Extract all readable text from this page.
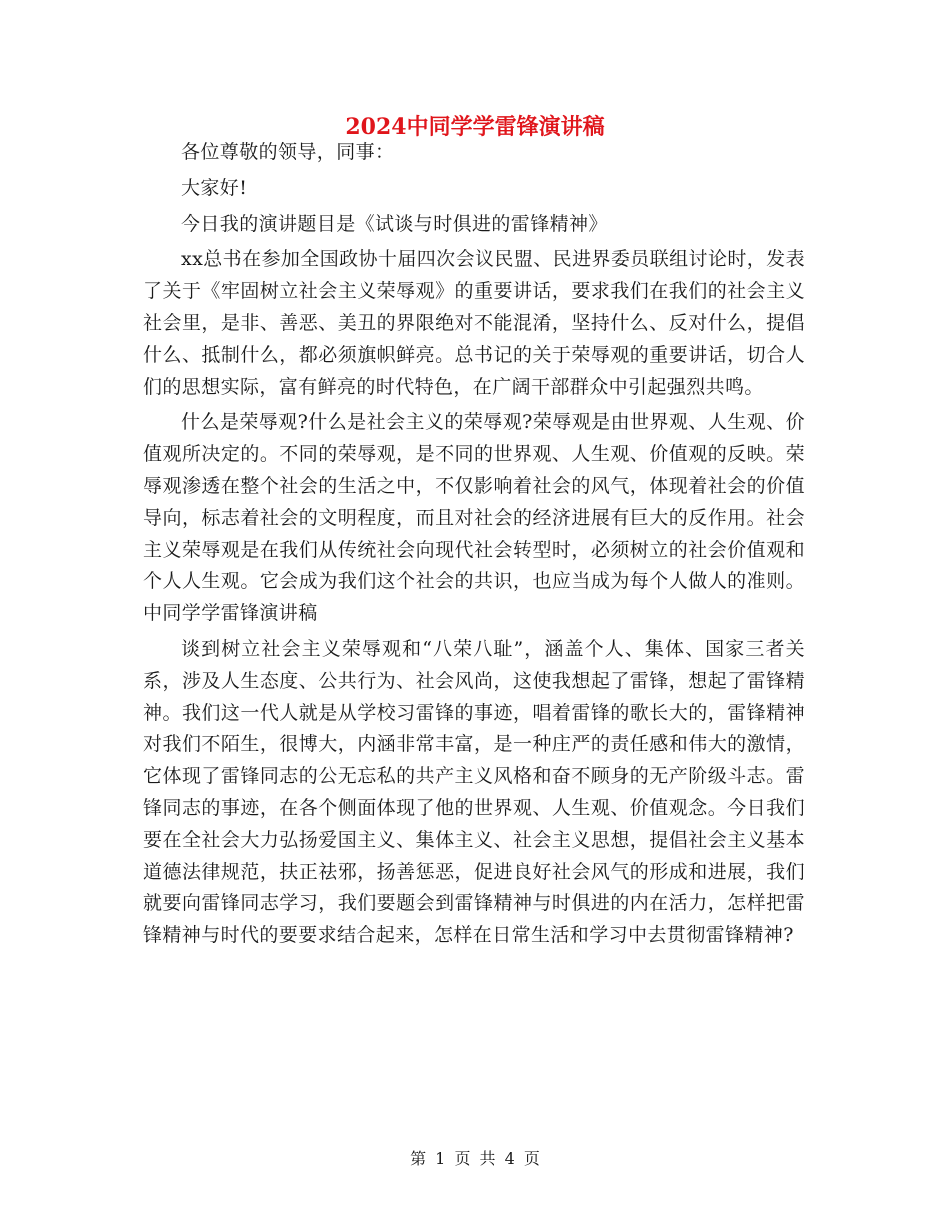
2024中同学学雷锋演讲稿

各位尊敬的领导，同事：

大家好!

今日我的演讲题目是《试谈与时俱进的雷锋精神》

xx总书在参加全国政协十届四次会议民盟、民进界委员联组讨论时，发表了关于《牢固树立社会主义荣辱观》的重要讲话，要求我们在我们的社会主义社会里，是非、善恶、美丑的界限绝对不能混淆，坚持什么、反对什么，提倡什么、抵制什么，都必须旗帜鲜亮。总书记的关于荣辱观的重要讲话，切合人们的思想实际，富有鲜亮的时代特色，在广阔干部群众中引起强烈共鸣。

什么是荣辱观?什么是社会主义的荣辱观?荣辱观是由世界观、人生观、价值观所决定的。不同的荣辱观，是不同的世界观、人生观、价值观的反映。荣辱观渗透在整个社会的生活之中，不仅影响着社会的风气，体现着社会的价值导向，标志着社会的文明程度，而且对社会的经济进展有巨大的反作用。社会主义荣辱观是在我们从传统社会向现代社会转型时，必须树立的社会价值观和个人人生观。它会成为我们这个社会的共识，也应当成为每个人做人的准则。中同学学雷锋演讲稿

谈到树立社会主义荣辱观和“八荣八耻”，涵盖个人、集体、国家三者关系，涉及人生态度、公共行为、社会风尚，这使我想起了雷锋，想起了雷锋精神。我们这一代人就是从学校习雷锋的事迹，唱着雷锋的歌长大的，雷锋精神对我们不陌生，很博大，内涵非常丰富，是一种庄严的责任感和伟大的激情，它体现了雷锋同志的公无忘私的共产主义风格和奋不顾身的无产阶级斗志。雷锋同志的事迹，在各个侧面体现了他的世界观、人生观、价值观念。今日我们要在全社会大力弘扬爱国主义、集体主义、社会主义思想，提倡社会主义基本道德法律规范，扶正祛邪，扬善惩恶，促进良好社会风气的形成和进展，我们就要向雷锋同志学习，我们要题会到雷锋精神与时俱进的内在活力，怎样把雷锋精神与时代的要要求结合起来，怎样在日常生活和学习中去贯彻雷锋精神?

第 1 页 共 4 页
